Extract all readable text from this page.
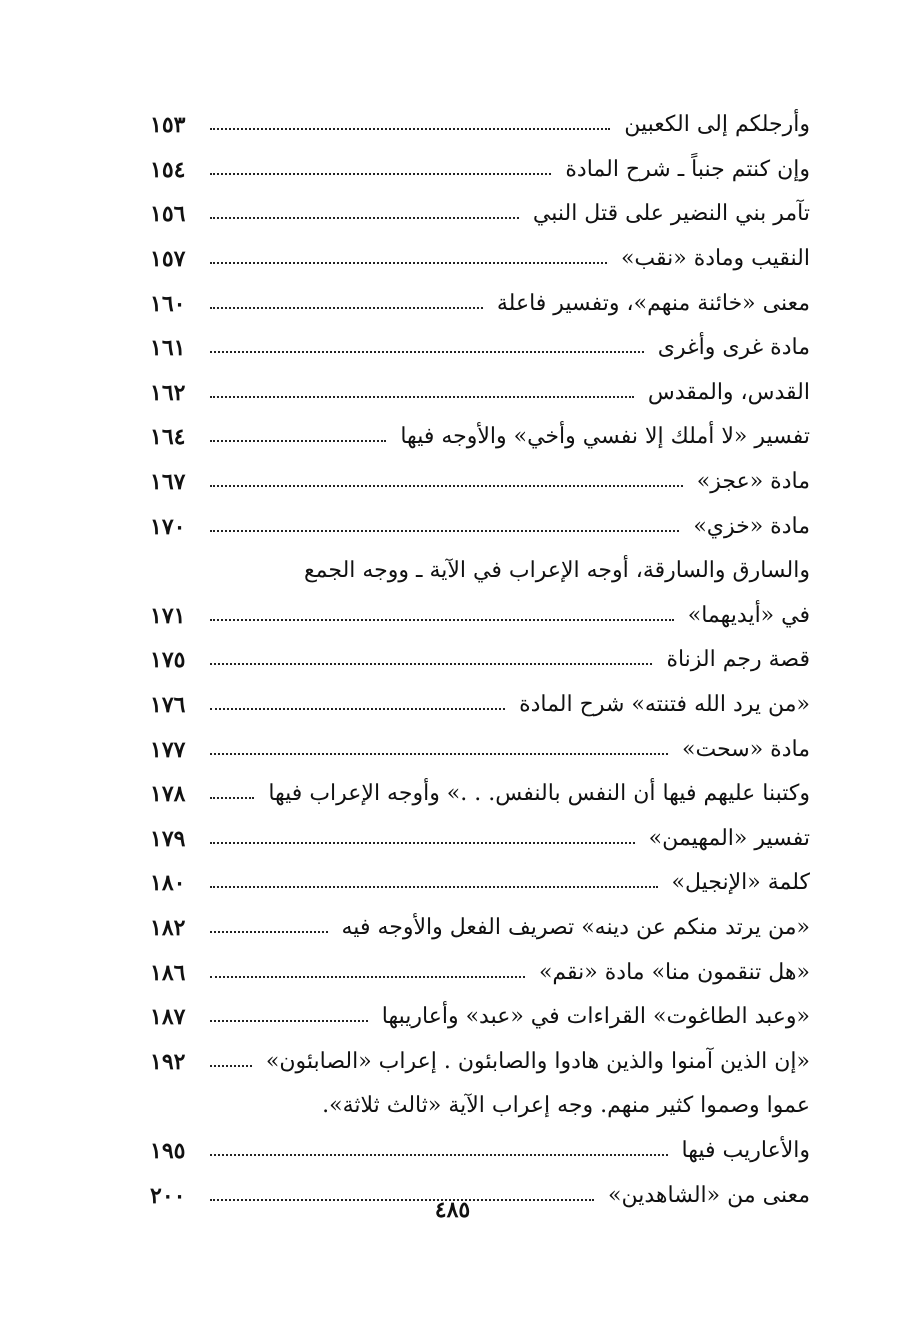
وأرجلكم إلى الكعبين
١٥٣
وإن كنتم جنباً ـ شرح المادة
١٥٤
تآمر بني النضير على قتل النبي
١٥٦
النقيب ومادة «نقب»
١٥٧
معنى «خائنة منهم»، وتفسير فاعلة
١٦٠
مادة غرى وأغرى
١٦١
القدس، والمقدس
١٦٢
تفسير «لا أملك إلا نفسي وأخي» والأوجه فيها
١٦٤
مادة «عجز»
١٦٧
مادة «خزي»
١٧٠
والسارق والسارقة، أوجه الإعراب في الآية ـ ووجه الجمع
في «أيديهما»
١٧١
قصة رجم الزناة
١٧٥
«من يرد الله فتنته» شرح المادة
١٧٦
مادة «سحت»
١٧٧
وكتبنا عليهم فيها أن النفس بالنفس. . .» وأوجه الإعراب فيها
١٧٨
تفسير «المهيمن»
١٧٩
كلمة «الإنجيل»
١٨٠
«من يرتد منكم عن دينه» تصريف الفعل والأوجه فيه
١٨٢
«هل تنقمون منا» مادة «نقم»
١٨٦
«وعبد الطاغوت» القراءات في «عبد» وأعاريبها
١٨٧
«إن الذين آمنوا والذين هادوا والصابئون . إعراب «الصابئون»
١٩٢
عموا وصموا كثير منهم. وجه إعراب الآية «ثالث ثلاثة».
والأعاريب فيها
١٩٥
معنى من «الشاهدين»
٢٠٠
٤٨٥
